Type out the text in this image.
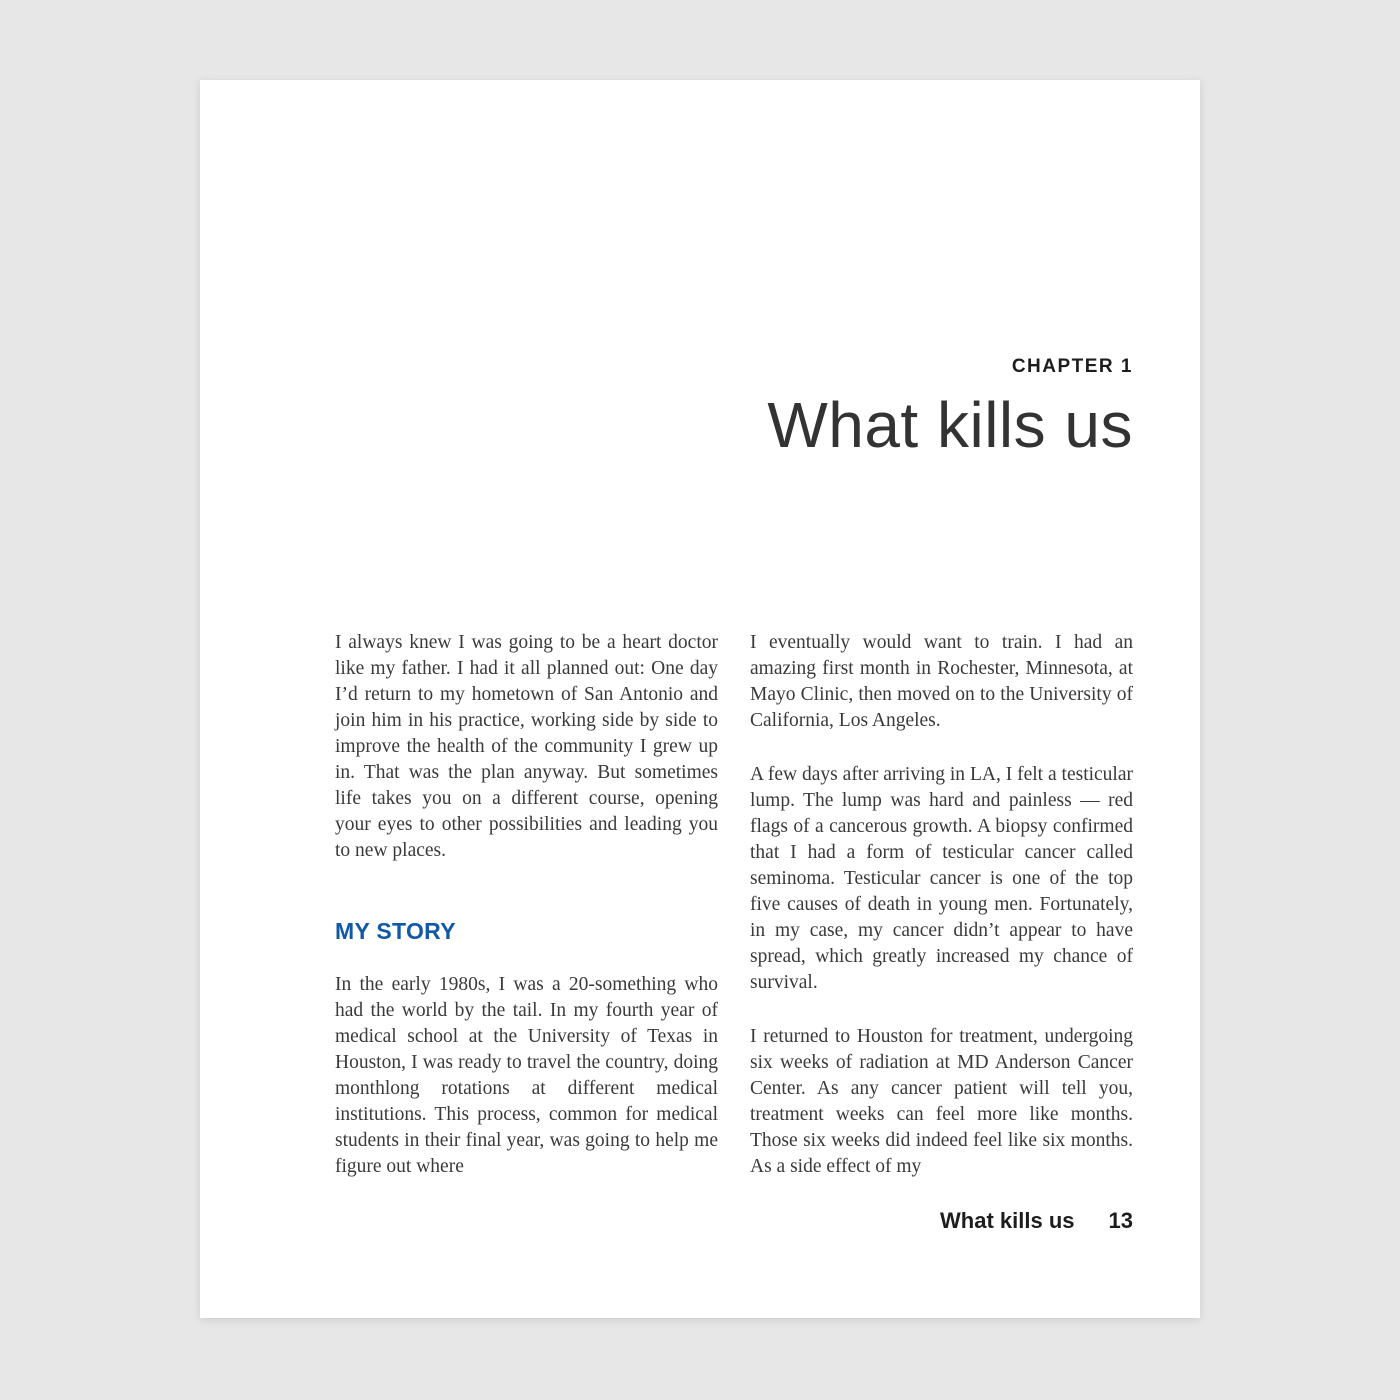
CHAPTER 1
What kills us

I always knew I was going to be a heart doctor like my father. I had it all planned out: One day I’d return to my hometown of San Antonio and join him in his practice, working side by side to improve the health of the community I grew up in. That was the plan anyway. But sometimes life takes you on a different course, opening your eyes to other possibilities and leading you to new places.

MY STORY

In the early 1980s, I was a 20-something who had the world by the tail. In my fourth year of medical school at the University of Texas in Houston, I was ready to travel the country, doing monthlong rotations at different medical institutions. This process, common for medical students in their final year, was going to help me figure out where

I eventually would want to train. I had an amazing first month in Rochester, Minnesota, at Mayo Clinic, then moved on to the University of California, Los Angeles.

A few days after arriving in LA, I felt a testicular lump. The lump was hard and painless — red flags of a cancerous growth. A biopsy confirmed that I had a form of testicular cancer called seminoma. Testicular cancer is one of the top five causes of death in young men. Fortunately, in my case, my cancer didn’t appear to have spread, which greatly increased my chance of survival.

I returned to Houston for treatment, undergoing six weeks of radiation at MD Anderson Cancer Center. As any cancer patient will tell you, treatment weeks can feel more like months. Those six weeks did indeed feel like six months. As a side effect of my

What kills us 13
